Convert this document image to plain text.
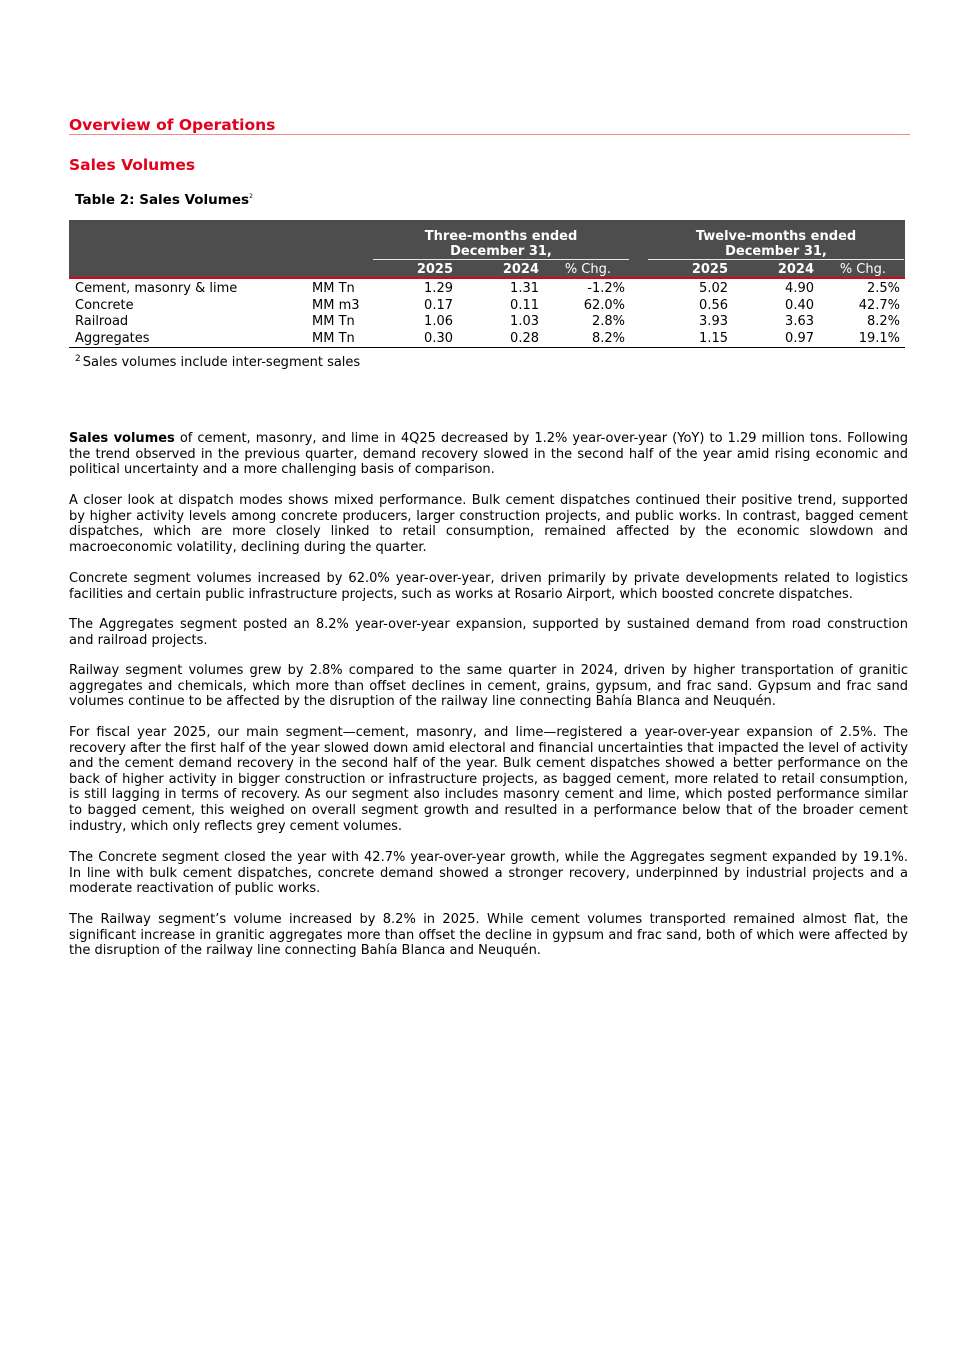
Overview of Operations
Sales Volumes
Table 2: Sales Volumes$^2$
Three-months ended December 31,
Twelve-months ended December 31,
2025	2024	% Chg.	2025	2024	% Chg.
Cement, masonry & lime	MM Tn	1.29	1.31	-1.2%	5.02	4.90	2.5%
Concrete	MM m3	0.17	0.11	62.0%	0.56	0.40	42.7%
Railroad	MM Tn	1.06	1.03	2.8%	3.93	3.63	8.2%
Aggregates	MM Tn	0.30	0.28	8.2%	1.15	0.97	19.1%
$^2$ Sales volumes include inter-segment sales
Sales volumes of cement, masonry, and lime in 4Q25 decreased by 1.2% year-over-year (YoY) to 1.29 million tons. Following the trend observed in the previous quarter, demand recovery slowed in the second half of the year amid rising economic and political uncertainty and a more challenging basis of comparison.
A closer look at dispatch modes shows mixed performance. Bulk cement dispatches continued their positive trend, supported by higher activity levels among concrete producers, larger construction projects, and public works. In contrast, bagged cement dispatches, which are more closely linked to retail consumption, remained affected by the economic slowdown and macroeconomic volatility, declining during the quarter.
Concrete segment volumes increased by 62.0% year-over-year, driven primarily by private developments related to logistics facilities and certain public infrastructure projects, such as works at Rosario Airport, which boosted concrete dispatches.
The Aggregates segment posted an 8.2% year-over-year expansion, supported by sustained demand from road construction and railroad projects.
Railway segment volumes grew by 2.8% compared to the same quarter in 2024, driven by higher transportation of granitic aggregates and chemicals, which more than offset declines in cement, grains, gypsum, and frac sand. Gypsum and frac sand volumes continue to be affected by the disruption of the railway line connecting Bahía Blanca and Neuquén.
For fiscal year 2025, our main segment—cement, masonry, and lime—registered a year-over-year expansion of 2.5%. The recovery after the first half of the year slowed down amid electoral and financial uncertainties that impacted the level of activity and the cement demand recovery in the second half of the year. Bulk cement dispatches showed a better performance on the back of higher activity in bigger construction or infrastructure projects, as bagged cement, more related to retail consumption, is still lagging in terms of recovery. As our segment also includes masonry cement and lime, which posted performance similar to bagged cement, this weighed on overall segment growth and resulted in a performance below that of the broader cement industry, which only reflects grey cement volumes.
The Concrete segment closed the year with 42.7% year-over-year growth, while the Aggregates segment expanded by 19.1%. In line with bulk cement dispatches, concrete demand showed a stronger recovery, underpinned by industrial projects and a moderate reactivation of public works.
The Railway segment’s volume increased by 8.2% in 2025. While cement volumes transported remained almost flat, the significant increase in granitic aggregates more than offset the decline in gypsum and frac sand, both of which were affected by the disruption of the railway line connecting Bahía Blanca and Neuquén.
